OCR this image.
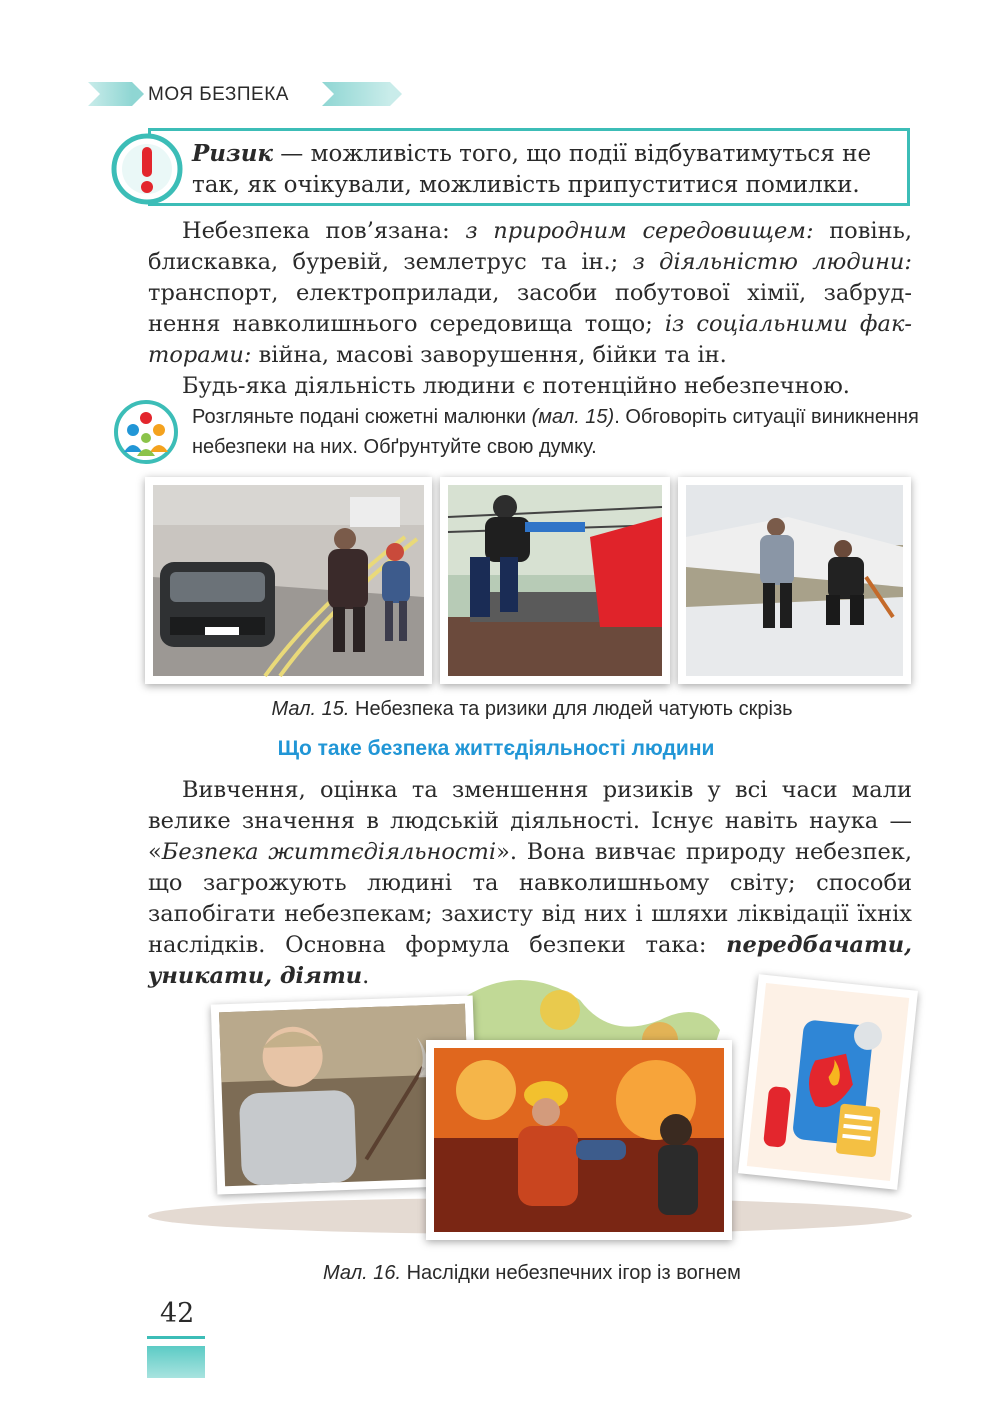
МОЯ БЕЗПЕКА
Ризик — можливість того, що події відбуватимуться не так, як очікували, можливість припуститися помилки.
Небезпека пов’язана: з природним середовищем: повінь, блискавка, буревій, землетрус та ін.; з діяльністю людини: транспорт, електроприлади, засоби побутової хімії, забруднення навколишнього середовища тощо; із соціальними факторами: війна, масові заворушення, бійки та ін.
Будь-яка діяльність людини є потенційно небезпечною.
Розгляньте подані сюжетні малюнки (мал. 15). Обговоріть ситуації виникнення небезпеки на них. Обґрунтуйте свою думку.
Мал. 15. Небезпека та ризики для людей чатують скрізь
Що таке безпека життєдіяльності людини
Вивчення, оцінка та зменшення ризиків у всі часи мали велике значення в людській діяльності. Існує навіть наука — «Безпека життєдіяльності». Вона вивчає природу небезпек, що загрожують людині та навколишньому світу; способи запобігати небезпекам; захисту від них і шляхи ліквідації їхніх наслідків. Основна формула безпеки така: передбачати, уникати, діяти.
Мал. 16. Наслідки небезпечних ігор із вогнем
42
